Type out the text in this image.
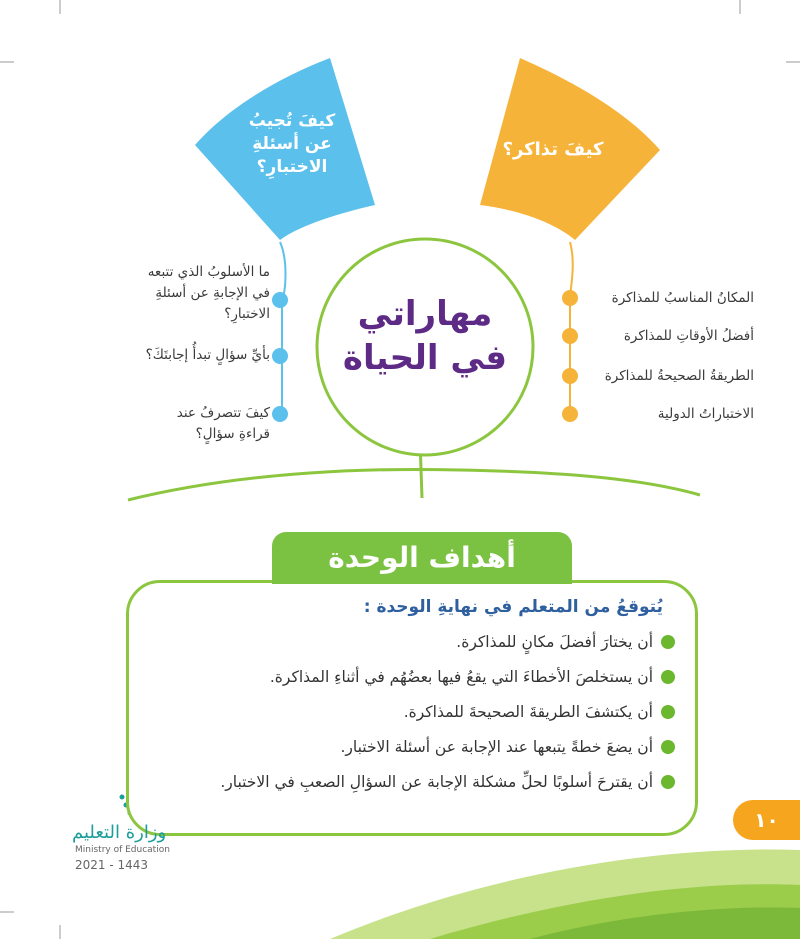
كيفَ تُجيبُ
عن أسئلةِ
الاختبارِ؟
كيفَ تذاكر؟
مهاراتي
في الحياة
ما الأسلوبُ الذي تتبعه
في الإجابةِ عن أسئلةِ
الاختبارِ؟
بأيِّ سؤالٍ تبدأُ إجابتَكَ؟
كيفَ تتصرفُ عند
قراءةِ سؤالٍ؟
المكانُ المناسبُ للمذاكرة
أفضلُ الأوقاتِ للمذاكرة
الطريقةُ الصحيحةُ للمذاكرة
الاختباراتُ الدولية
يُتوقعُ من المتعلم في نهايةِ الوحدة :
أن يختارَ أفضلَ مكانٍ للمذاكرة.
أن يستخلصَ الأخطاءَ التي يقعُ فيها بعضُهُم في أثناءِ المذاكرة.
أن يكتشفَ الطريقةَ الصحيحةَ للمذاكرة.
أن يضعَ خطةً يتبعها عند الإجابة عن أسئلة الاختبار.
أن يقترحَ أسلوبًا لحلِّ مشكلة الإجابة عن السؤالِ الصعبِ في الاختبار.
أهداف الوحدة
١٠
وزارة التعليم
Ministry of Education
2021 - 1443
